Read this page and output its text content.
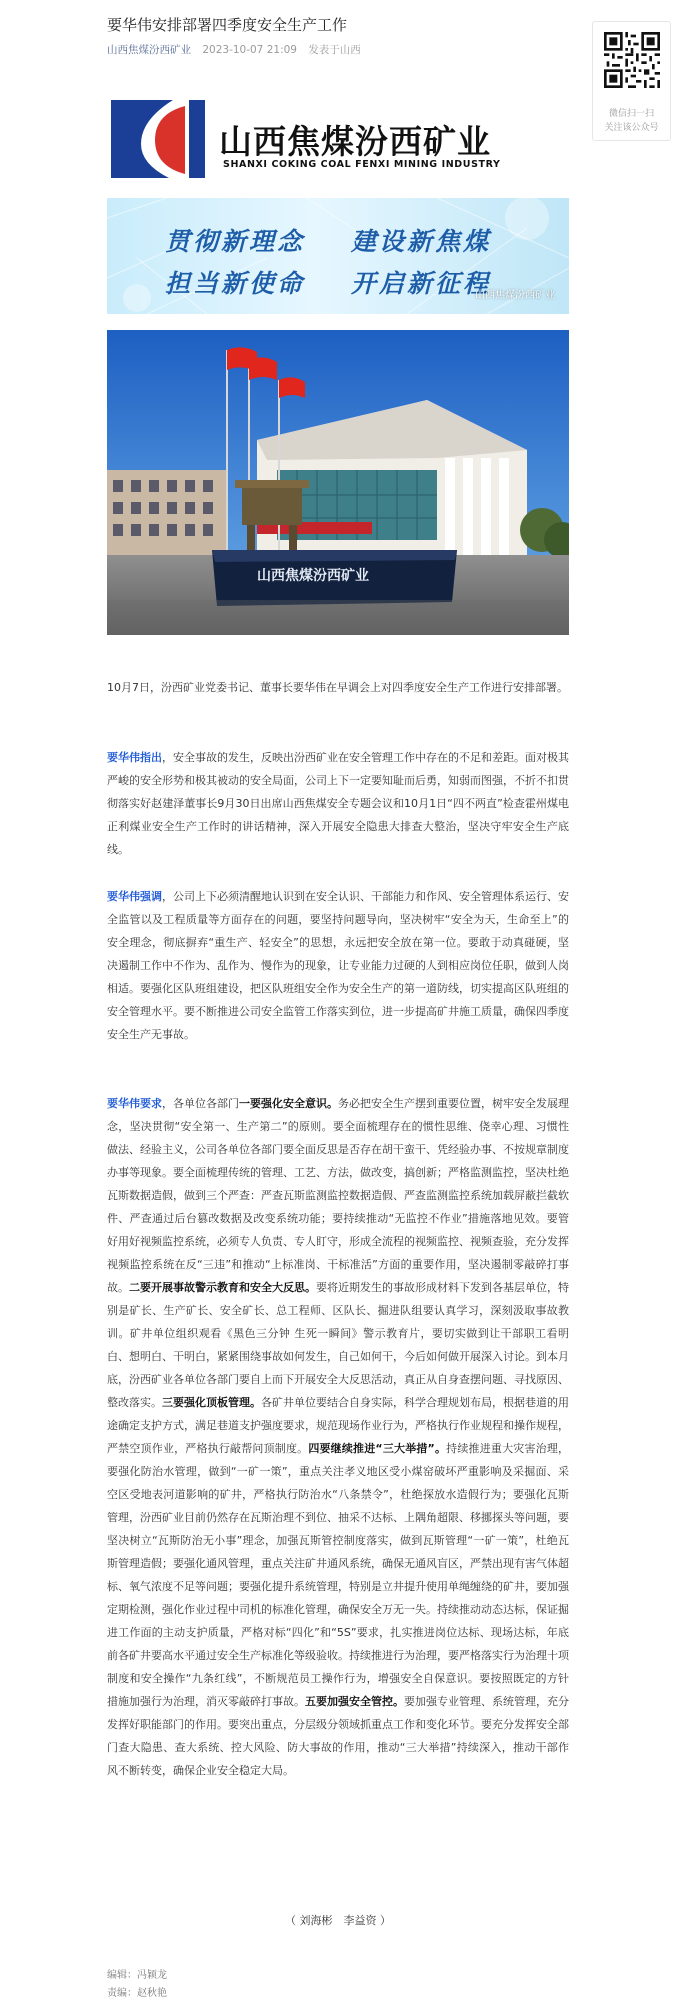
要华伟安排部署四季度安全生产工作
山西焦煤汾西矿业 2023-10-07 21:09 发表于山西
山西焦煤汾西矿业
SHANXI COKING COAL FENXI MINING INDUSTRY
贯彻新理念 建设新焦煤
担当新使命 开启新征程
山西焦煤汾西矿业
山西焦煤汾西矿业
10月7日，汾西矿业党委书记、董事长要华伟在早调会上对四季度安全生产工作进行安排部署。
要华伟指出，安全事故的发生，反映出汾西矿业在安全管理工作中存在的不足和差距。面对极其严峻的安全形势和极其被动的安全局面，公司上下一定要知耻而后勇，知弱而图强，不折不扣贯彻落实好赵建泽董事长9月30日出席山西焦煤安全专题会议和10月1日“四不两直”检查霍州煤电正利煤业安全生产工作时的讲话精神，深入开展安全隐患大排查大整治，坚决守牢安全生产底线。
要华伟强调，公司上下必须清醒地认识到在安全认识、干部能力和作风、安全管理体系运行、安全监管以及工程质量等方面存在的问题，要坚持问题导向，坚决树牢“安全为天，生命至上”的安全理念，彻底摒弃“重生产、轻安全”的思想，永远把安全放在第一位。要敢于动真碰硬，坚决遏制工作中不作为、乱作为、慢作为的现象，让专业能力过硬的人到相应岗位任职，做到人岗相适。要强化区队班组建设，把区队班组安全作为安全生产的第一道防线，切实提高区队班组的安全管理水平。要不断推进公司安全监管工作落实到位，进一步提高矿井施工质量，确保四季度安全生产无事故。
要华伟要求，各单位各部门一要强化安全意识。务必把安全生产摆到重要位置，树牢安全发展理念，坚决贯彻“安全第一、生产第二”的原则。要全面梳理存在的惯性思维、侥幸心理、习惯性做法、经验主义，公司各单位各部门要全面反思是否存在胡干蛮干、凭经验办事、不按规章制度办事等现象。要全面梳理传统的管理、工艺、方法，做改变，搞创新；严格监测监控，坚决杜绝瓦斯数据造假，做到三个严查：严查瓦斯监测监控数据造假、严查监测监控系统加载屏蔽拦截软件、严查通过后台篡改数据及改变系统功能；要持续推动“无监控不作业”措施落地见效。要管好用好视频监控系统，必须专人负责、专人盯守，形成全流程的视频监控、视频查验，充分发挥视频监控系统在反“三违”和推动“上标准岗、干标准活”方面的重要作用，坚决遏制零敲碎打事故。二要开展事故警示教育和安全大反思。要将近期发生的事故形成材料下发到各基层单位，特别是矿长、生产矿长、安全矿长、总工程师、区队长、掘进队组要认真学习，深刻汲取事故教训。矿井单位组织观看《黑色三分钟 生死一瞬间》警示教育片，要切实做到让干部职工看明白、想明白、干明白，紧紧围绕事故如何发生，自己如何干，今后如何做开展深入讨论。到本月底，汾西矿业各单位各部门要自上而下开展安全大反思活动，真正从自身查摆问题、寻找原因、整改落实。三要强化顶板管理。各矿井单位要结合自身实际，科学合理规划布局，根据巷道的用途确定支护方式，满足巷道支护强度要求，规范现场作业行为，严格执行作业规程和操作规程，严禁空顶作业，严格执行敲帮问顶制度。四要继续推进“三大举措”。持续推进重大灾害治理，要强化防治水管理，做到“一矿一策”，重点关注孝义地区受小煤窑破坏严重影响及采掘面、采空区受地表河道影响的矿井，严格执行防治水“八条禁令”，杜绝探放水造假行为；要强化瓦斯管理，汾西矿业目前仍然存在瓦斯治理不到位、抽采不达标、上隅角超限、移挪探头等问题，要坚决树立“瓦斯防治无小事”理念，加强瓦斯管控制度落实，做到瓦斯管理“一矿一策”，杜绝瓦斯管理造假；要强化通风管理，重点关注矿井通风系统，确保无通风盲区，严禁出现有害气体超标、氧气浓度不足等问题；要强化提升系统管理，特别是立井提升使用单绳缠绕的矿井，要加强定期检测，强化作业过程中司机的标准化管理，确保安全万无一失。持续推动动态达标，保证掘进工作面的主动支护质量，严格对标“四化”和“5S”要求，扎实推进岗位达标、现场达标，年底前各矿井要高水平通过安全生产标准化等级验收。持续推进行为治理，要严格落实行为治理十项制度和安全操作“九条红线”，不断规范员工操作行为，增强安全自保意识。要按照既定的方针措施加强行为治理，消灭零敲碎打事故。五要加强安全管控。要加强专业管理、系统管理，充分发挥好职能部门的作用。要突出重点，分层级分领域抓重点工作和变化环节。要充分发挥安全部门查大隐患、查大系统、控大风险、防大事故的作用，推动“三大举措”持续深入，推动干部作风不断转变，确保企业安全稳定大局。
（ 刘海彬　李益资 ）
编辑：冯颖龙
责编：赵秋艳
微信扫一扫
关注该公众号
